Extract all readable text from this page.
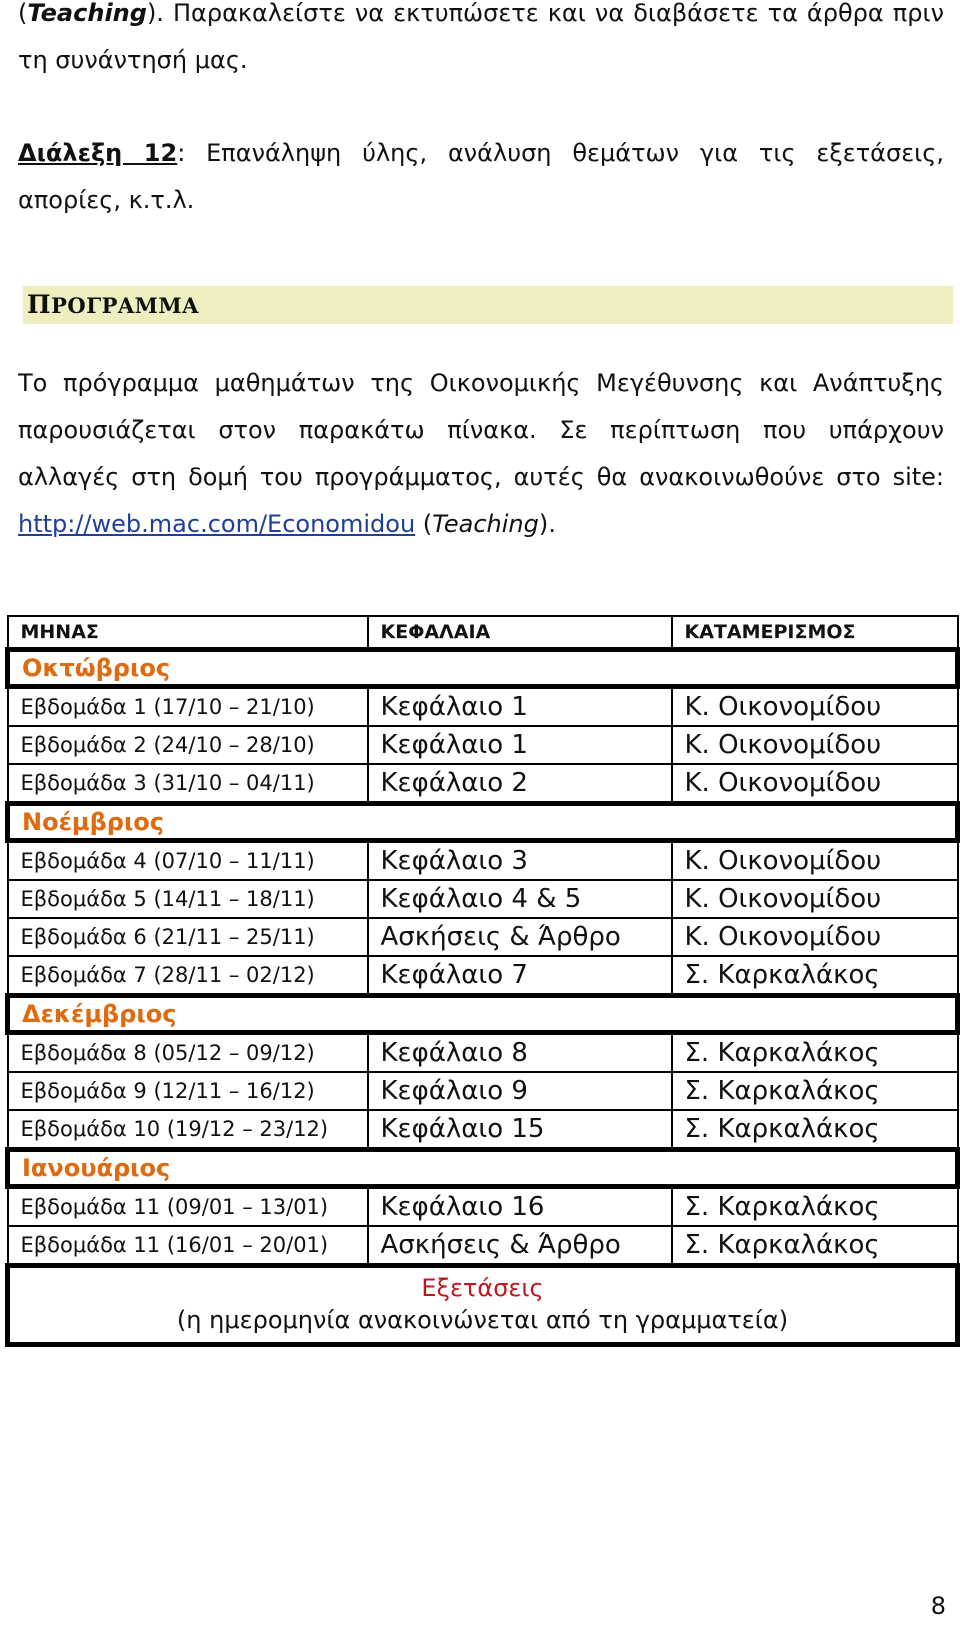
(Teaching). Παρακαλείστε να εκτυπώσετε και να διαβάσετε τα άρθρα πριν τη συνάντησή μας.
Διάλεξη 12: Επανάληψη ύλης, ανάλυση θεμάτων για τις εξετάσεις, απορίες, κ.τ.λ.
ΠΡΟΓΡΑΜΜΑ
Το πρόγραμμα μαθημάτων της Οικονομικής Μεγέθυνσης και Ανάπτυξης παρουσιάζεται στον παρακάτω πίνακα. Σε περίπτωση που υπάρχουν αλλαγές στη δομή του προγράμματος, αυτές θα ανακοινωθούνε στο site: http://web.mac.com/Economidou (Teaching).
ΜΗΝΑΣ	ΚΕΦΑΛΑΙΑ	ΚΑΤΑΜΕΡΙΣΜΟΣ
Οκτώβριος		
Εβδομάδα 1 (17/10 – 21/10)	Κεφάλαιο 1	Κ. Οικονομίδου
Εβδομάδα 2 (24/10 – 28/10)	Κεφάλαιο 1	Κ. Οικονομίδου
Εβδομάδα 3 (31/10 – 04/11)	Κεφάλαιο 2	Κ. Οικονομίδου
Νοέμβριος		
Εβδομάδα 4 (07/10 – 11/11)	Κεφάλαιο 3	Κ. Οικονομίδου
Εβδομάδα 5 (14/11 – 18/11)	Κεφάλαιο 4 & 5	Κ. Οικονομίδου
Εβδομάδα 6 (21/11 – 25/11)	Ασκήσεις & Άρθρο	Κ. Οικονομίδου
Εβδομάδα 7 (28/11 – 02/12)	Κεφάλαιο 7	Σ. Καρκαλάκος
Δεκέμβριος		
Εβδομάδα 8 (05/12 – 09/12)	Κεφάλαιο 8	Σ. Καρκαλάκος
Εβδομάδα 9 (12/11 – 16/12)	Κεφάλαιο 9	Σ. Καρκαλάκος
Εβδομάδα 10 (19/12 – 23/12)	Κεφάλαιο 15	Σ. Καρκαλάκος
Ιανουάριος		
Εβδομάδα 11 (09/01 – 13/01)	Κεφάλαιο 16	Σ. Καρκαλάκος
Εβδομάδα 11 (16/01 – 20/01)	Ασκήσεις & Άρθρο	Σ. Καρκαλάκος

Εξετάσεις
(η ημερομηνία ανακοινώνεται από τη γραμματεία)		
8
